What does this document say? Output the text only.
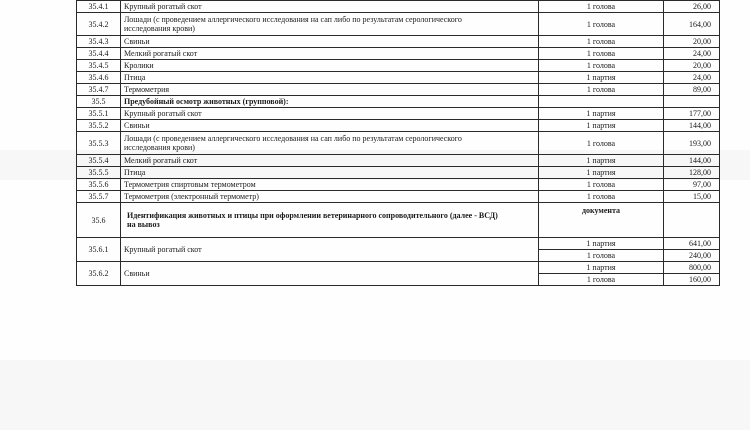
35.4.1	Крупный рогатый скот	1 голова	26,00
35.4.2	Лошади (с проведением аллергического исследования на сап либо по результатам серологического исследования крови)	1 голова	164,00
35.4.3	Свиньи	1 голова	20,00
35.4.4	Мелкий рогатый скот	1 голова	24,00
35.4.5	Кролики	1 голова	20,00
35.4.6	Птица	1 партия	24,00
35.4.7	Термометрия	1 голова	89,00
35.5	Предубойный осмотр животных (групповой):		
35.5.1	Крупный рогатый скот	1 партия	177,00
35.5.2	Свиньи	1 партия	144,00
35.5.3	Лошади (с проведением аллергического исследования на сап либо по результатам серологического исследования крови)	1 голова	193,00
35.5.4	Мелкий рогатый скот	1 партия	144,00
35.5.5	Птица	1 партия	128,00
35.5.6	Термометрия спиртовым термометром	1 голова	97,00
35.5.7	Термометрия (электронный термометр)	1 голова	15,00
35.6	Идентификация животных и птицы при оформлении ветеринарного сопроводительного (далее - ВСД) на вывоз	документа	
35.6.1	Крупный рогатый скот	1 партия	641,00
		1 голова	240,00
35.6.2	Свиньи	1 партия	800,00
		1 голова	160,00
